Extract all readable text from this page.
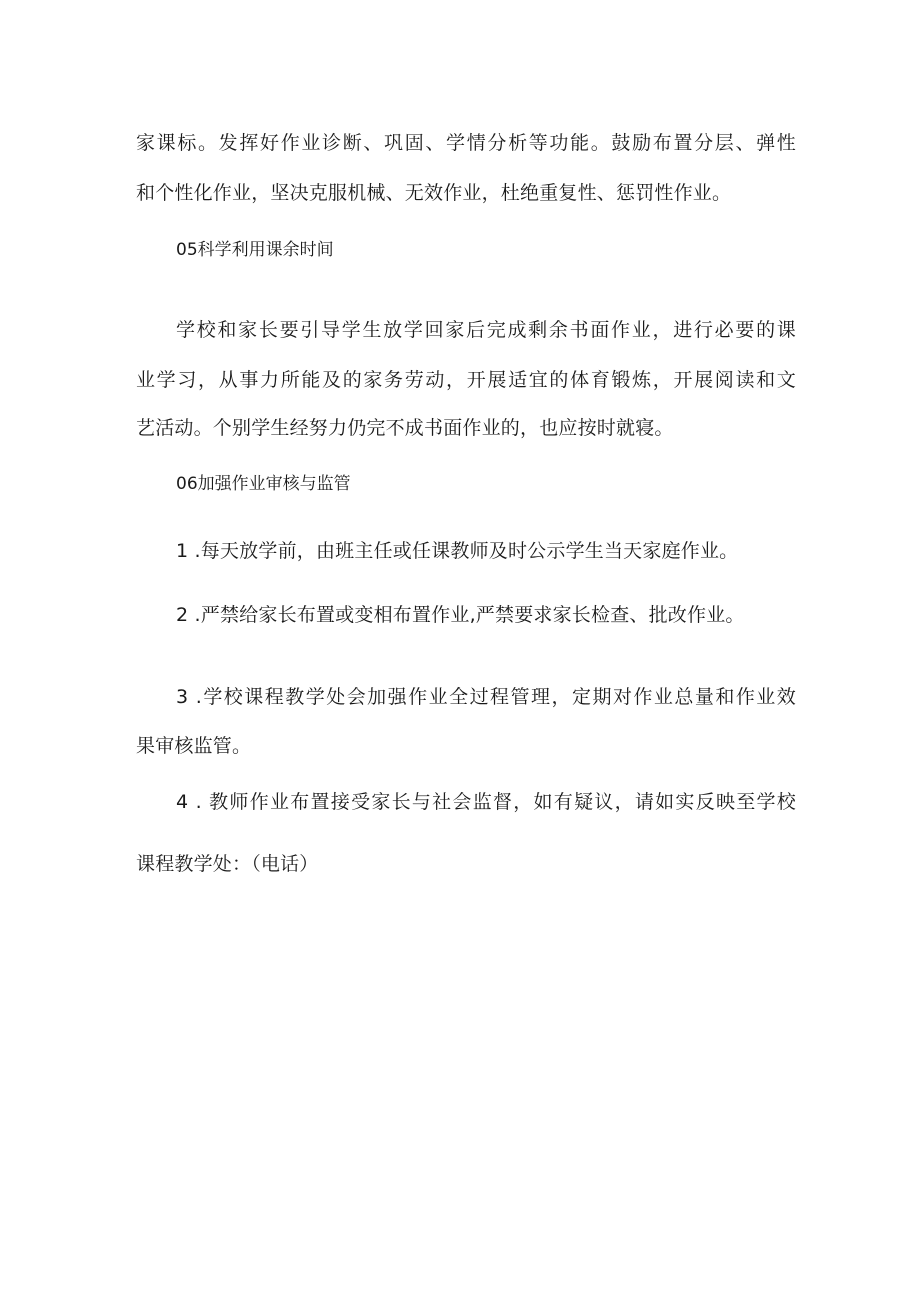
家课标。发挥好作业诊断、巩固、学情分析等功能。鼓励布置分层、弹性
和个性化作业，坚决克服机械、无效作业，杜绝重复性、惩罚性作业。
05科学利用课余时间
学校和家长要引导学生放学回家后完成剩余书面作业，进行必要的课
业学习，从事力所能及的家务劳动，开展适宜的体育锻炼，开展阅读和文
艺活动。个别学生经努力仍完不成书面作业的，也应按时就寝。
06加强作业审核与监管
1 .每天放学前，由班主任或任课教师及时公示学生当天家庭作业。
2 .严禁给家长布置或变相布置作业,严禁要求家长检查、批改作业。
3 .学校课程教学处会加强作业全过程管理，定期对作业总量和作业效
果审核监管。
4 . 教师作业布置接受家长与社会监督，如有疑议，请如实反映至学校
课程教学处：（电话）
